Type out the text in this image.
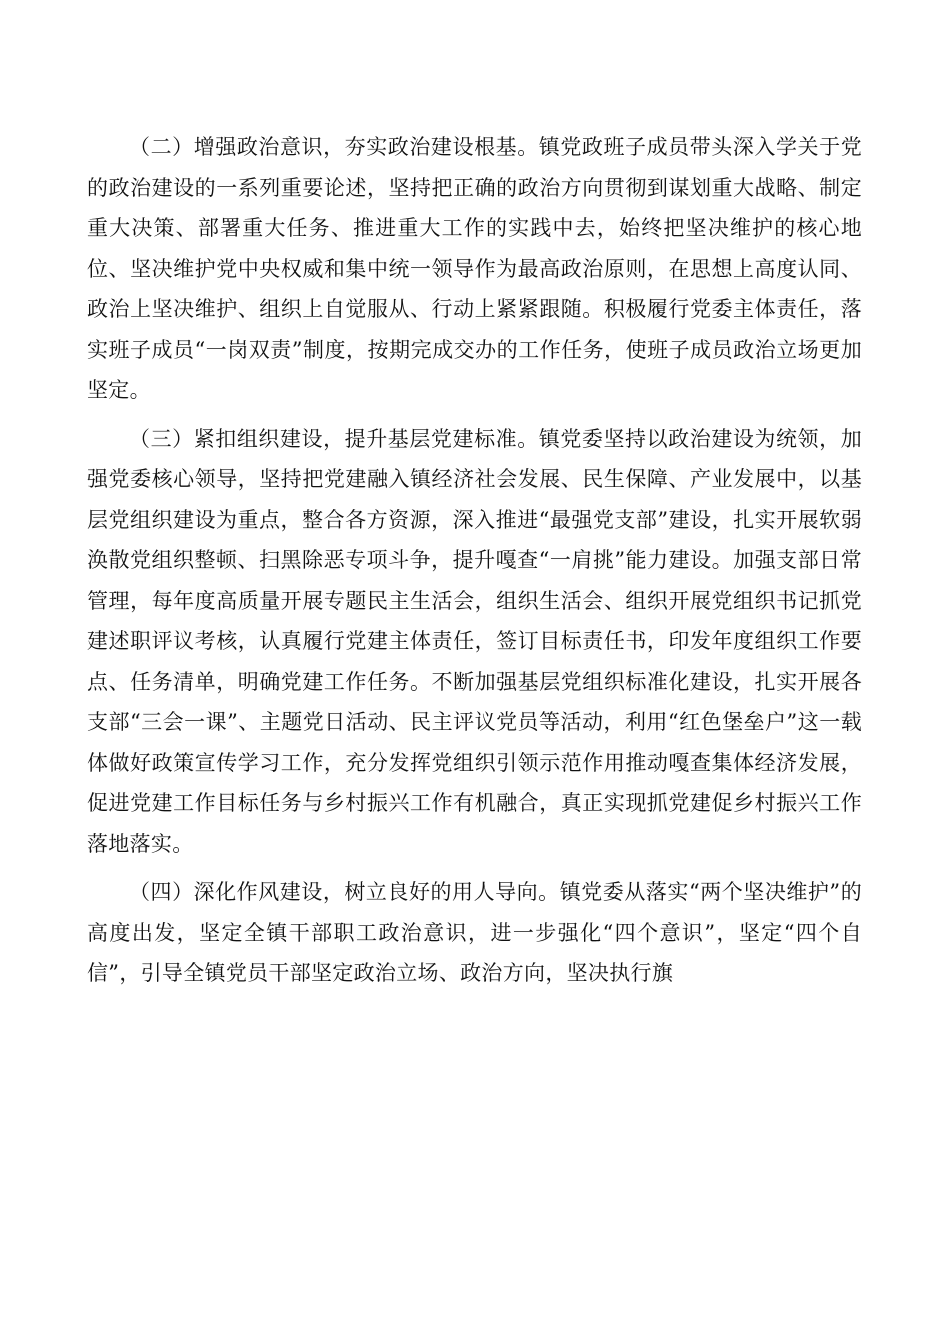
（二）增强政治意识，夯实政治建设根基。镇党政班子成员带头深入学关于党的政治建设的一系列重要论述，坚持把正确的政治方向贯彻到谋划重大战略、制定重大决策、部署重大任务、推进重大工作的实践中去，始终把坚决维护的核心地位、坚决维护党中央权威和集中统一领导作为最高政治原则，在思想上高度认同、政治上坚决维护、组织上自觉服从、行动上紧紧跟随。积极履行党委主体责任，落实班子成员“一岗双责”制度，按期完成交办的工作任务，使班子成员政治立场更加坚定。

（三）紧扣组织建设，提升基层党建标准。镇党委坚持以政治建设为统领，加强党委核心领导，坚持把党建融入镇经济社会发展、民生保障、产业发展中，以基层党组织建设为重点，整合各方资源，深入推进“最强党支部”建设，扎实开展软弱涣散党组织整顿、扫黑除恶专项斗争，提升嘎查“一肩挑”能力建设。加强支部日常管理，每年度高质量开展专题民主生活会，组织生活会、组织开展党组织书记抓党建述职评议考核，认真履行党建主体责任，签订目标责任书，印发年度组织工作要点、任务清单，明确党建工作任务。不断加强基层党组织标准化建设，扎实开展各支部“三会一课”、主题党日活动、民主评议党员等活动，利用“红色堡垒户”这一载体做好政策宣传学习工作，充分发挥党组织引领示范作用推动嘎查集体经济发展，促进党建工作目标任务与乡村振兴工作有机融合，真正实现抓党建促乡村振兴工作落地落实。

（四）深化作风建设，树立良好的用人导向。镇党委从落实“两个坚决维护”的高度出发，坚定全镇干部职工政治意识，进一步强化“四个意识”，坚定“四个自信”，引导全镇党员干部坚定政治立场、政治方向，坚决执行旗
